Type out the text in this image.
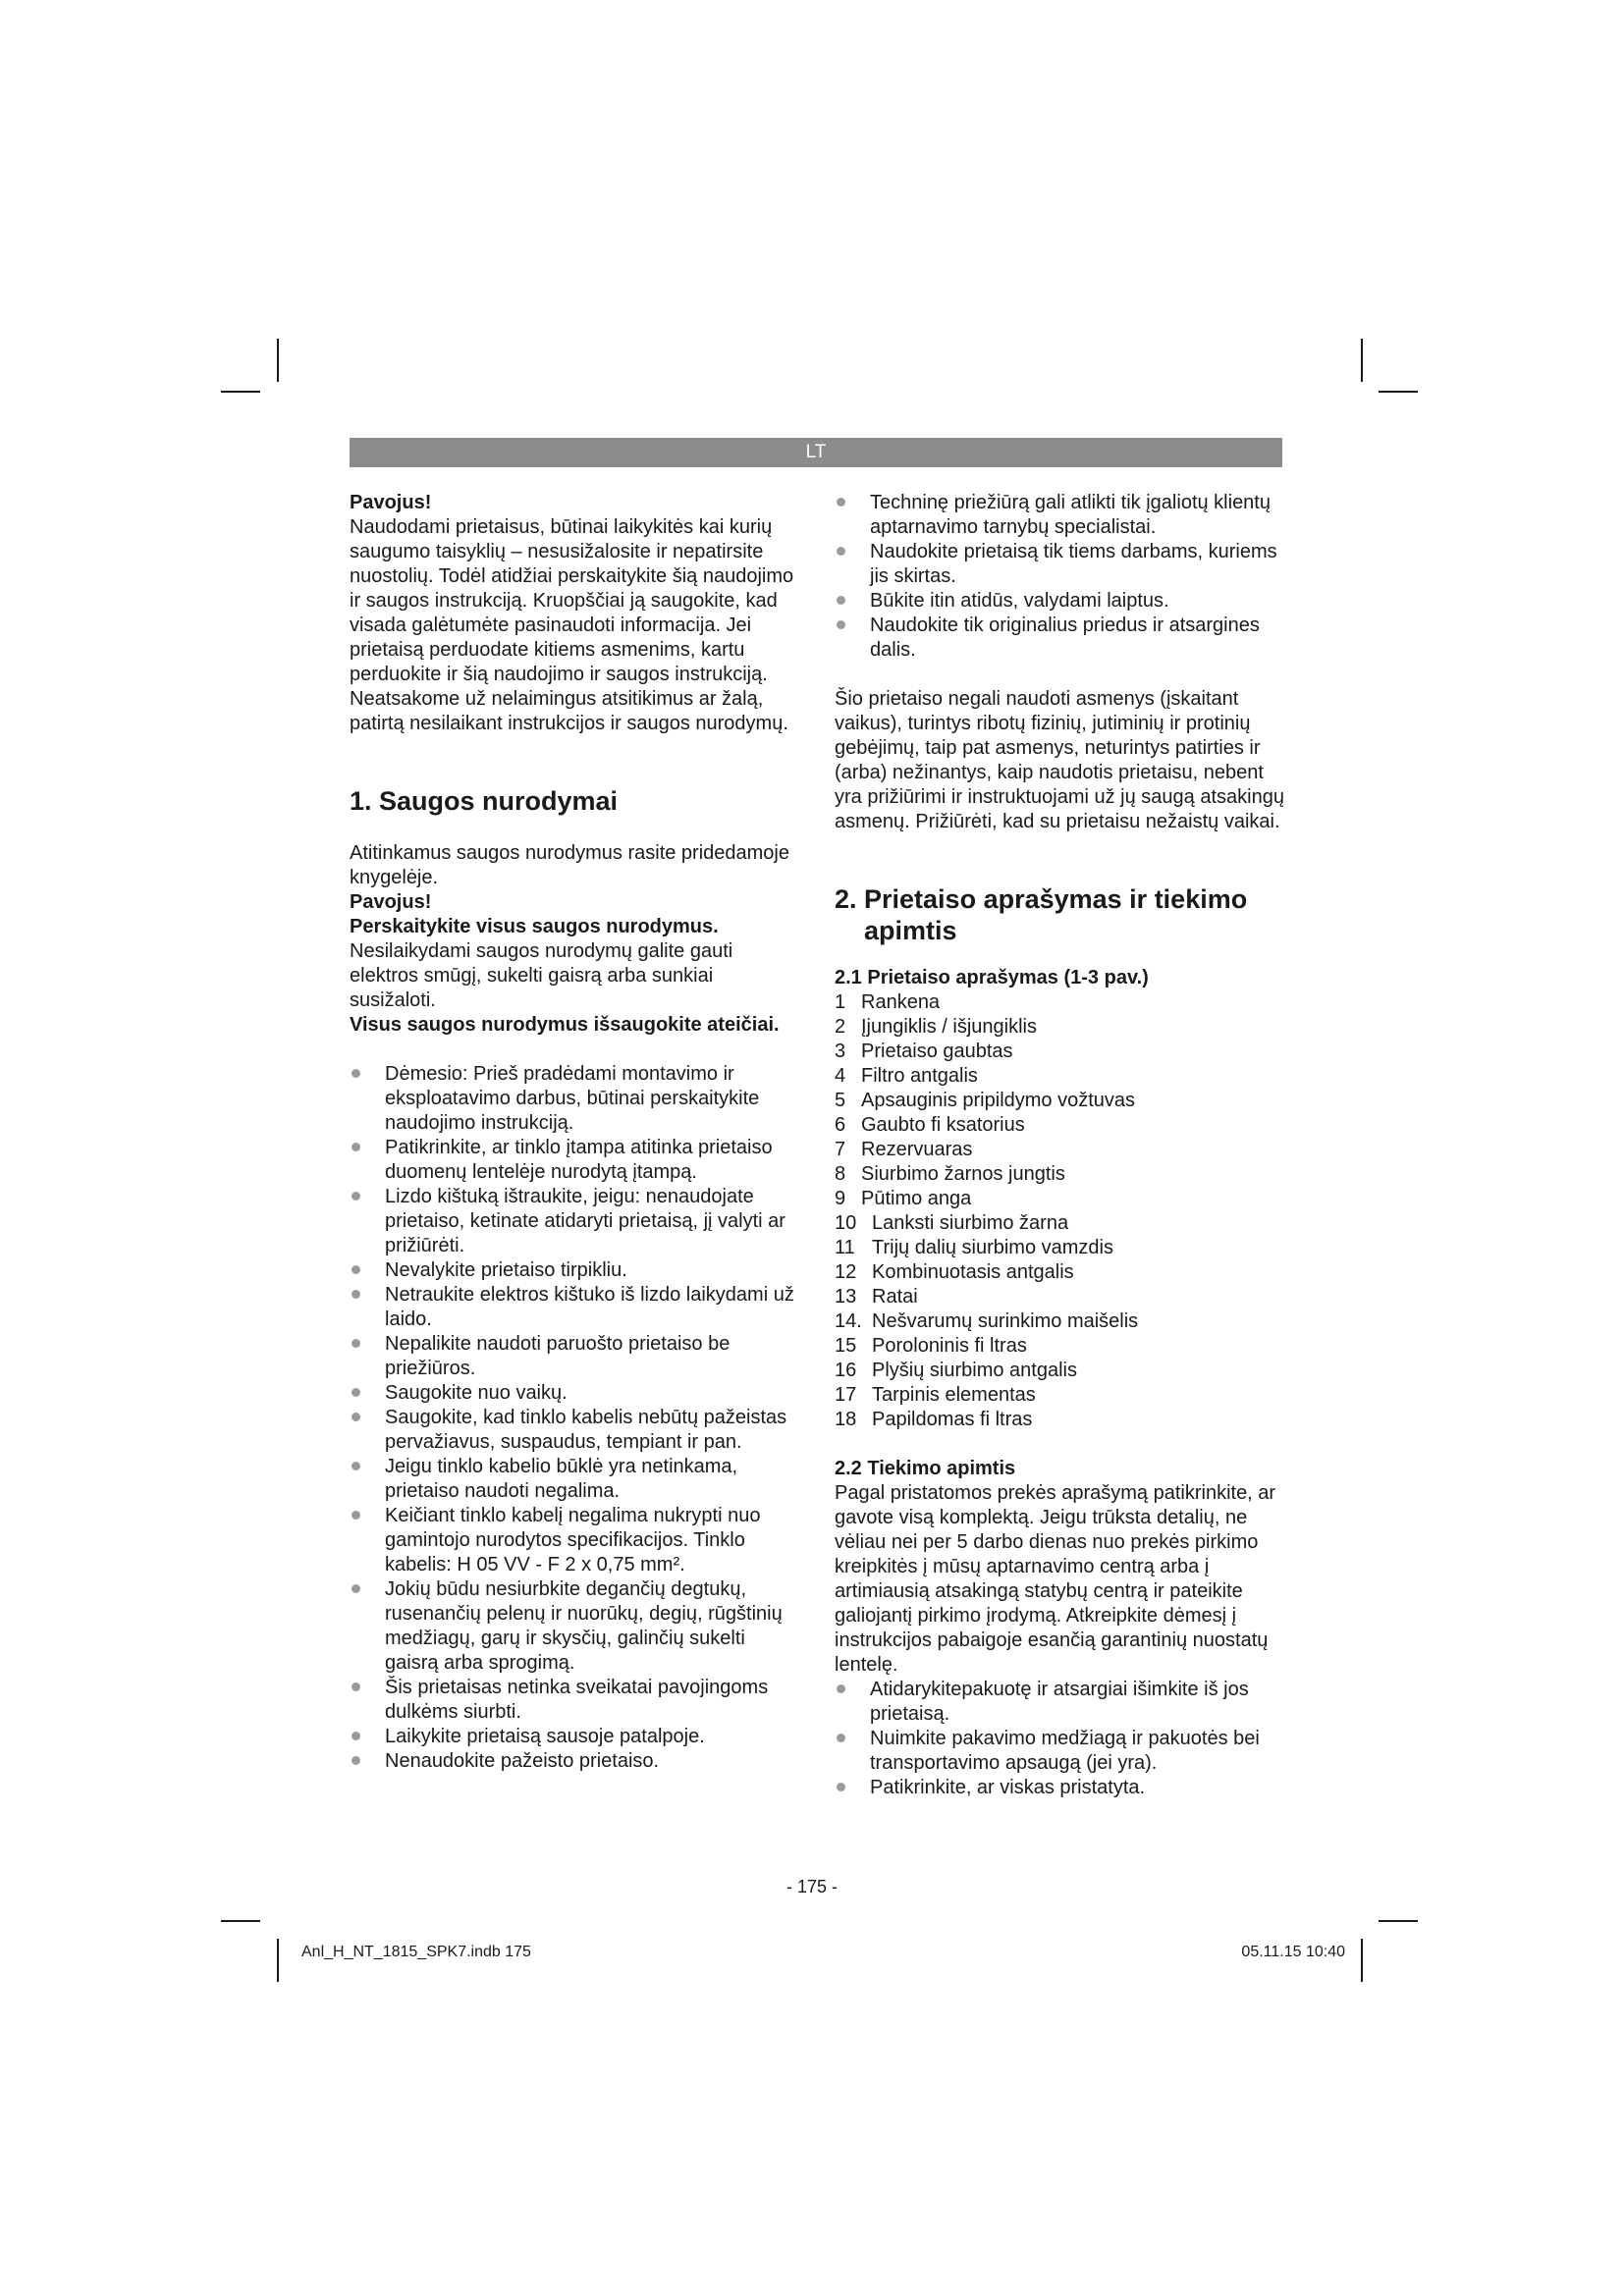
LT

Pavojus!

Naudodami prietaisus, būtinai laikykitės kai kurių saugumo taisyklių – nesusižalosite ir nepatirsite nuostolių. Todėl atidžiai perskaitykite šią naudojimo ir saugos instrukciją. Kruopščiai ją saugokite, kad visada galėtumėte pasinaudoti informacija. Jei prietaisą perduodate kitiems asmenims, kartu perduokite ir šią naudojimo ir saugos instrukciją. Neatsakome už nelaimingus atsitikimus ar žalą, patirtą nesilaikant instrukcijos ir saugos nurodymų.

1. Saugos nurodymai

Atitinkamus saugos nurodymus rasite pridedamoje knygelėje.

Pavojus!

Perskaitykite visus saugos nurodymus. Nesilaikydami saugos nurodymų galite gauti elektros smūgį, sukelti gaisrą arba sunkiai susižaloti.

Visus saugos nurodymus išsaugokite ateičiai.

Dėmesio: Prieš pradėdami montavimo ir eksploatavimo darbus, būtinai perskaitykite naudojimo instrukciją.
Patikrinkite, ar tinklo įtampa atitinka prietaiso duomenų lentelėje nurodytą įtampą.
Lizdo kištuką ištraukite, jeigu: nenaudojate prietaiso, ketinate atidaryti prietaisą, jį valyti ar prižiūrėti.
Nevalykite prietaiso tirpikliu.
Netraukite elektros kištuko iš lizdo laikydami už laido.
Nepalikite naudoti paruošto prietaiso be priežiūros.
Saugokite nuo vaikų.
Saugokite, kad tinklo kabelis nebūtų pažeistas pervažiavus, suspaudus, tempiant ir pan.
Jeigu tinklo kabelio būklė yra netinkama, prietaiso naudoti negalima.
Keičiant tinklo kabelį negalima nukrypti nuo gamintojo nurodytos specifikacijos. Tinklo kabelis: H 05 VV - F 2 x 0,75 mm².
Jokių būdu nesiurbkite degančių degtukų, rusenančių pelenų ir nuorūkų, degių, rūgštinių medžiagų, garų ir skysčių, galinčių sukelti gaisrą arba sprogimą.
Šis prietaisas netinka sveikatai pavojingoms dulkėms siurbti.
Laikykite prietaisą sausoje patalpoje.
Nenaudokite pažeisto prietaiso.
Techninę priežiūrą gali atlikti tik įgaliotų klientų aptarnavimo tarnybų specialistai.
Naudokite prietaisą tik tiems darbams, kuriems jis skirtas.
Būkite itin atidūs, valydami laiptus.
Naudokite tik originalius priedus ir atsargines dalis.

Šio prietaiso negali naudoti asmenys (įskaitant vaikus), turintys ribotų fizinių, jutiminių ir protinių gebėjimų, taip pat asmenys, neturintys patirties ir (arba) nežinantys, kaip naudotis prietaisu, nebent yra prižiūrimi ir instruktuojami už jų saugą atsakingų asmenų. Prižiūrėti, kad su prietaisu nežaistų vaikai.

2. Prietaiso aprašymas ir tiekimo apimtis

2.1 Prietaiso aprašymas (1-3 pav.)

1 Rankena
2 Įjungiklis / išjungiklis
3 Prietaiso gaubtas
4 Filtro antgalis
5 Apsauginis pripildymo vožtuvas
6 Gaubto fi ksatorius
7 Rezervuaras
8 Siurbimo žarnos jungtis
9 Pūtimo anga
10 Lanksti siurbimo žarna
11 Trijų dalių siurbimo vamzdis
12 Kombinuotasis antgalis
13 Ratai
14. Nešvarumų surinkimo maišelis
15 Poroloninis fi ltras
16 Plyšių siurbimo antgalis
17 Tarpinis elementas
18 Papildomas fi ltras

2.2 Tiekimo apimtis

Pagal pristatomos prekės aprašymą patikrinkite, ar gavote visą komplektą. Jeigu trūksta detalių, ne vėliau nei per 5 darbo dienas nuo prekės pirkimo kreipkitės į mūsų aptarnavimo centrą arba į artimiausią atsakingą statybų centrą ir pateikite galiojantį pirkimo įrodymą. Atkreipkite dėmesį į instrukcijos pabaigoje esančią garantinių nuostatų lentelę.

Atidarykitepakuotę ir atsargiai išimkite iš jos prietaisą.
Nuimkite pakavimo medžiagą ir pakuotės bei transportavimo apsaugą (jei yra).
Patikrinkite, ar viskas pristatyta.
- 175 -
Anl_H_NT_1815_SPK7.indb 175	05.11.15 10:40
